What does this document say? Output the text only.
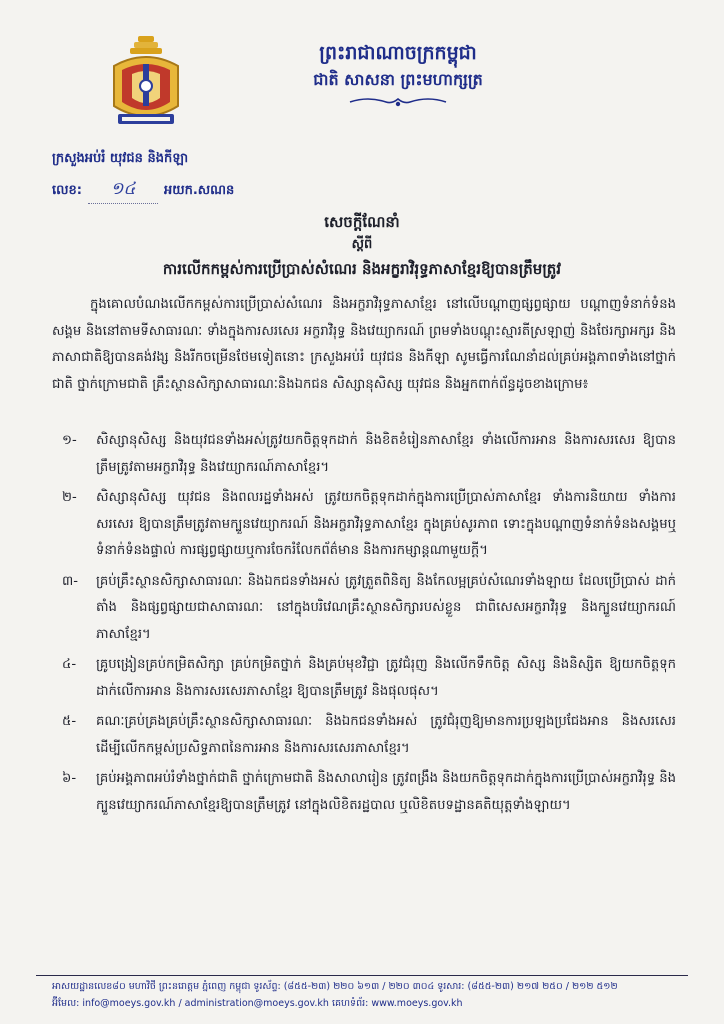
ព្រះរាជាណាចក្រកម្ពុជា
ជាតិ សាសនា ព្រះមហាក្សត្រ
ក្រសួងអប់រំ យុវជន និងកីឡា
លេខ:	១៤	អយក.សណន
សេចក្ដីណែនាំ
ស្ដីពី
ការលើកកម្ពស់ការប្រើប្រាស់សំណេរ និងអក្ខរាវិរុទ្ធភាសាខ្មែរឱ្យបានត្រឹមត្រូវ

ក្នុងគោលបំណងលើកកម្ពស់ការប្រើប្រាស់សំណេរ និងអក្ខរាវិរុទ្ធភាសាខ្មែរ នៅលើបណ្ដាញផ្សព្វផ្សាយ បណ្ដាញទំនាក់ទំនងសង្គម និងនៅតាមទីសាធារណៈ ទាំងក្នុងការសរសេរ អក្ខរាវិរុទ្ធ និងវេយ្យាករណ៍ ព្រមទាំងបណ្ដុះស្មារតីស្រឡាញ់ និងថែរក្សាអក្សរ និងភាសាជាតិឱ្យបានគង់វង្ស និងរីកចម្រើនថែមទៀតនោះ ក្រសួងអប់រំ យុវជន និងកីឡា សូមធ្វើការណែនាំដល់គ្រប់អង្គភាពទាំងនៅថ្នាក់ជាតិ ថ្នាក់ក្រោមជាតិ គ្រឹះស្ថានសិក្សាសាធារណៈនិងឯកជន សិស្សានុសិស្ស យុវជន និងអ្នកពាក់ព័ន្ធដូចខាងក្រោម៖

១- សិស្សានុសិស្ស និងយុវជនទាំងអស់ត្រូវយកចិត្តទុកដាក់ និងខិតខំរៀនភាសាខ្មែរ ទាំងលើការអាន និងការសរសេរ ឱ្យបានត្រឹមត្រូវតាមអក្ខរាវិរុទ្ធ និងវេយ្យាករណ៍ភាសាខ្មែរ។
២- សិស្សានុសិស្ស យុវជន និងពលរដ្ឋទាំងអស់ ត្រូវយកចិត្តទុកដាក់ក្នុងការប្រើប្រាស់ភាសាខ្មែរ ទាំងការនិយាយ ទាំងការសរសេរ ឱ្យបានត្រឹមត្រូវតាមក្បួនវេយ្យាករណ៍ និងអក្ខរាវិរុទ្ធភាសាខ្មែរ ក្នុងគ្រប់សូរភាព ទោះក្នុងបណ្ដាញទំនាក់ទំនងសង្គមឬទំនាក់ទំនងផ្ទាល់ ការផ្សព្វផ្សាយឬការចែករំលែកព័ត៌មាន និងការកម្សាន្តណាមួយក្ដី។
៣- គ្រប់គ្រឹះស្ថានសិក្សាសាធារណៈ និងឯកជនទាំងអស់ ត្រូវត្រួតពិនិត្យ និងកែលម្អគ្រប់សំណេរទាំងឡាយ ដែលប្រើប្រាស់ ដាក់តាំង និងផ្សព្វផ្សាយជាសាធារណៈ នៅក្នុងបរិវេណគ្រឹះស្ថានសិក្សារបស់ខ្លួន ជាពិសេសអក្ខរាវិរុទ្ធ និងក្បួនវេយ្យាករណ៍ភាសាខ្មែរ។
៤- គ្រូបង្រៀនគ្រប់កម្រិតសិក្សា គ្រប់កម្រិតថ្នាក់ និងគ្រប់មុខវិជ្ជា ត្រូវជំរុញ និងលើកទឹកចិត្ត សិស្ស និងនិស្សិត ឱ្យយកចិត្តទុកដាក់លើការអាន និងការសរសេរភាសាខ្មែរ ឱ្យបានត្រឹមត្រូវ និងផុលផុស។
៥- គណៈគ្រប់គ្រងគ្រប់គ្រឹះស្ថានសិក្សាសាធារណៈ និងឯកជនទាំងអស់ ត្រូវជំរុញឱ្យមានការប្រឡងប្រជែងអាន និងសរសេរ ដើម្បីលើកកម្ពស់ប្រសិទ្ធភាពនៃការអាន និងការសរសេរភាសាខ្មែរ។
៦- គ្រប់អង្គភាពអប់រំទាំងថ្នាក់ជាតិ ថ្នាក់ក្រោមជាតិ និងសាលារៀន ត្រូវពង្រឹង និងយកចិត្តទុកដាក់ក្នុងការប្រើប្រាស់អក្ខរាវិរុទ្ធ និងក្បួនវេយ្យាករណ៍ភាសាខ្មែរឱ្យបានត្រឹមត្រូវ នៅក្នុងលិខិតរដ្ឋបាល ឬលិខិតបទដ្ឋានគតិយុត្តទាំងឡាយ។
អាសយដ្ឋានលេខ៨០ មហាវិថី ព្រះនរោត្តម ភ្នំពេញ កម្ពុជា ទូរស័ព្ទ: (៨៥៥-២៣) ២២០ ៦១៣ / ២២០ ៣០៤ ទូរសារ: (៨៥៥-២៣) ២១៧ ២៥០ / ២១២ ៥១២
អ៊ីមែល: info@moeys.gov.kh / administration@moeys.gov.kh គេហទំព័រ: www.moeys.gov.kh
